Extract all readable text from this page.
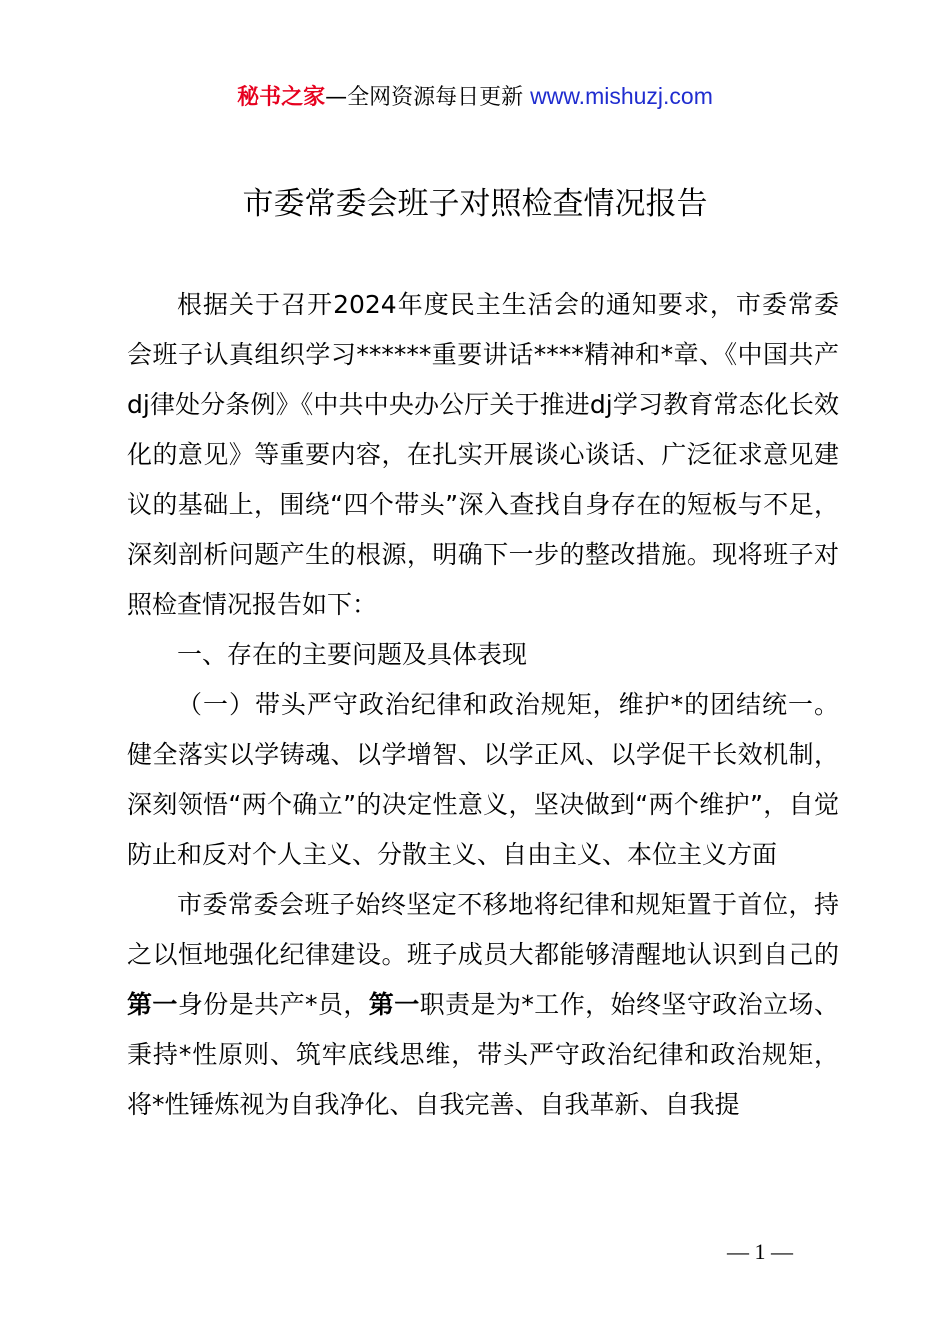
秘书之家—全网资源每日更新 www.mishuzj.com
市委常委会班子对照检查情况报告

根据关于召开2024年度民主生活会的通知要求，市委常委会班子认真组织学习******重要讲话****精神和*章、《中国共产dj律处分条例》《中共中央办公厅关于推进dj学习教育常态化长效化的意见》等重要内容，在扎实开展谈心谈话、广泛征求意见建议的基础上，围绕“四个带头”深入查找自身存在的短板与不足，深刻剖析问题产生的根源，明确下一步的整改措施。现将班子对照检查情况报告如下：

一、存在的主要问题及具体表现

（一）带头严守政治纪律和政治规矩，维护*的团结统一。健全落实以学铸魂、以学增智、以学正风、以学促干长效机制，深刻领悟“两个确立”的决定性意义，坚决做到“两个维护”，自觉防止和反对个人主义、分散主义、自由主义、本位主义方面

市委常委会班子始终坚定不移地将纪律和规矩置于首位，持之以恒地强化纪律建设。班子成员大都能够清醒地认识到自己的第一身份是共产*员，第一职责是为*工作，始终坚守政治立场、秉持*性原则、筑牢底线思维，带头严守政治纪律和政治规矩，将*性锤炼视为自我净化、自我完善、自我革新、自我提

— 1 —
